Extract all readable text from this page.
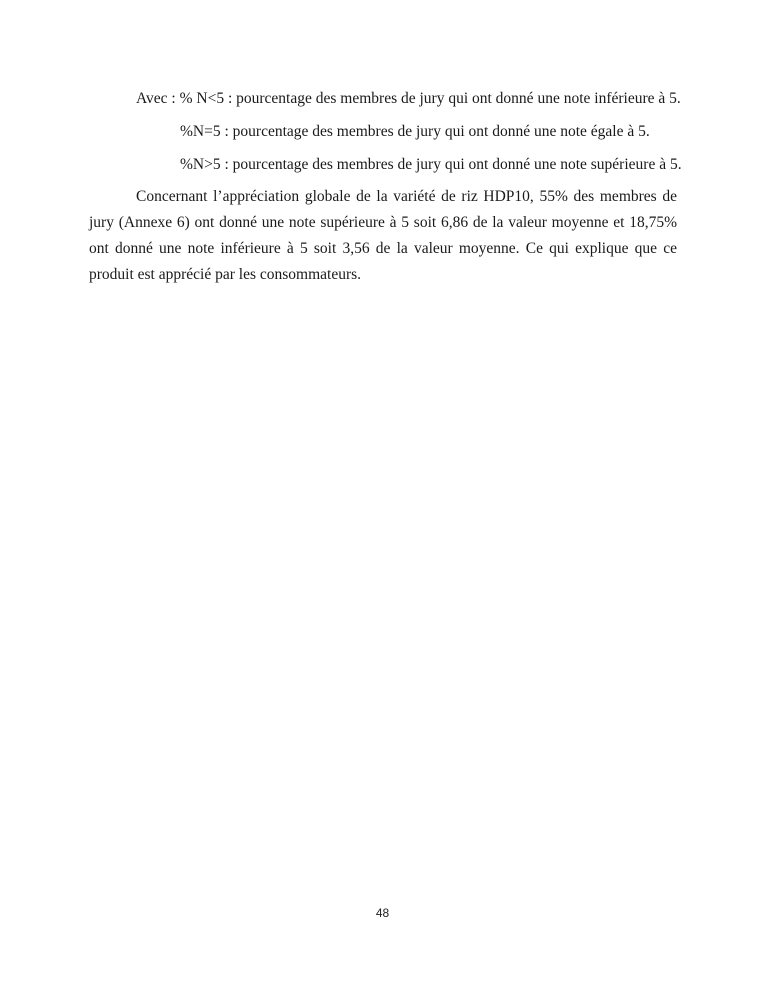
Avec : % N<5 : pourcentage des membres de jury qui ont donné une note inférieure à 5.

%N=5 : pourcentage des membres de jury qui ont donné une note égale à 5.

%N>5 : pourcentage des membres de jury qui ont donné une note supérieure à 5.

Concernant l’appréciation globale de la variété de riz HDP10, 55% des membres de jury (Annexe 6) ont donné une note supérieure à 5 soit 6,86 de la valeur moyenne et 18,75% ont donné une note inférieure à 5 soit 3,56 de la valeur moyenne. Ce qui explique que ce produit est apprécié par les consommateurs.

48
